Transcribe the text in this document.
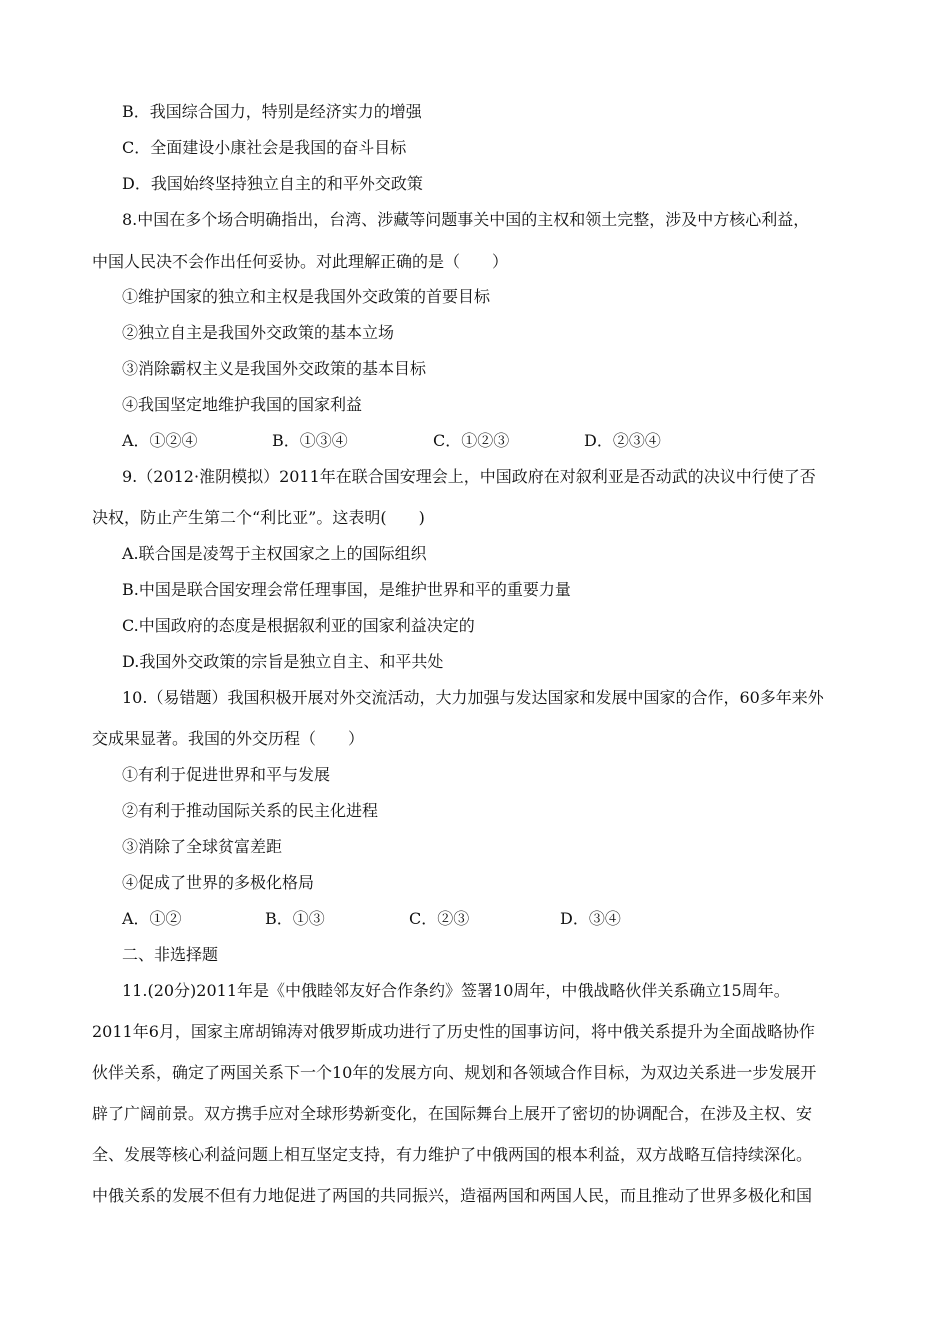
B．我国综合国力，特别是经济实力的增强
C．全面建设小康社会是我国的奋斗目标
D．我国始终坚持独立自主的和平外交政策
8.中国在多个场合明确指出，台湾、涉藏等问题事关中国的主权和领土完整，涉及中方核心利益，
中国人民决不会作出任何妥协。对此理解正确的是（　　）
①维护国家的独立和主权是我国外交政策的首要目标
②独立自主是我国外交政策的基本立场
③消除霸权主义是我国外交政策的基本目标
④我国坚定地维护我国的国家利益
A．①②④	B．①③④	C．①②③	D．②③④
9.（2012·淮阴模拟）2011年在联合国安理会上，中国政府在对叙利亚是否动武的决议中行使了否
决权，防止产生第二个“利比亚”。这表明(　　)
A.联合国是凌驾于主权国家之上的国际组织
B.中国是联合国安理会常任理事国，是维护世界和平的重要力量
C.中国政府的态度是根据叙利亚的国家利益决定的
D.我国外交政策的宗旨是独立自主、和平共处
10.（易错题）我国积极开展对外交流活动，大力加强与发达国家和发展中国家的合作，60多年来外
交成果显著。我国的外交历程（　　）
①有利于促进世界和平与发展
②有利于推动国际关系的民主化进程
③消除了全球贫富差距
④促成了世界的多极化格局
A．①②	B．①③	C．②③	D．③④
二、非选择题
11.(20分)2011年是《中俄睦邻友好合作条约》签署10周年，中俄战略伙伴关系确立15周年。
2011年6月，国家主席胡锦涛对俄罗斯成功进行了历史性的国事访问，将中俄关系提升为全面战略协作
伙伴关系，确定了两国关系下一个10年的发展方向、规划和各领域合作目标，为双边关系进一步发展开
辟了广阔前景。双方携手应对全球形势新变化，在国际舞台上展开了密切的协调配合，在涉及主权、安
全、发展等核心利益问题上相互坚定支持，有力维护了中俄两国的根本利益，双方战略互信持续深化。
中俄关系的发展不但有力地促进了两国的共同振兴，造福两国和两国人民，而且推动了世界多极化和国
